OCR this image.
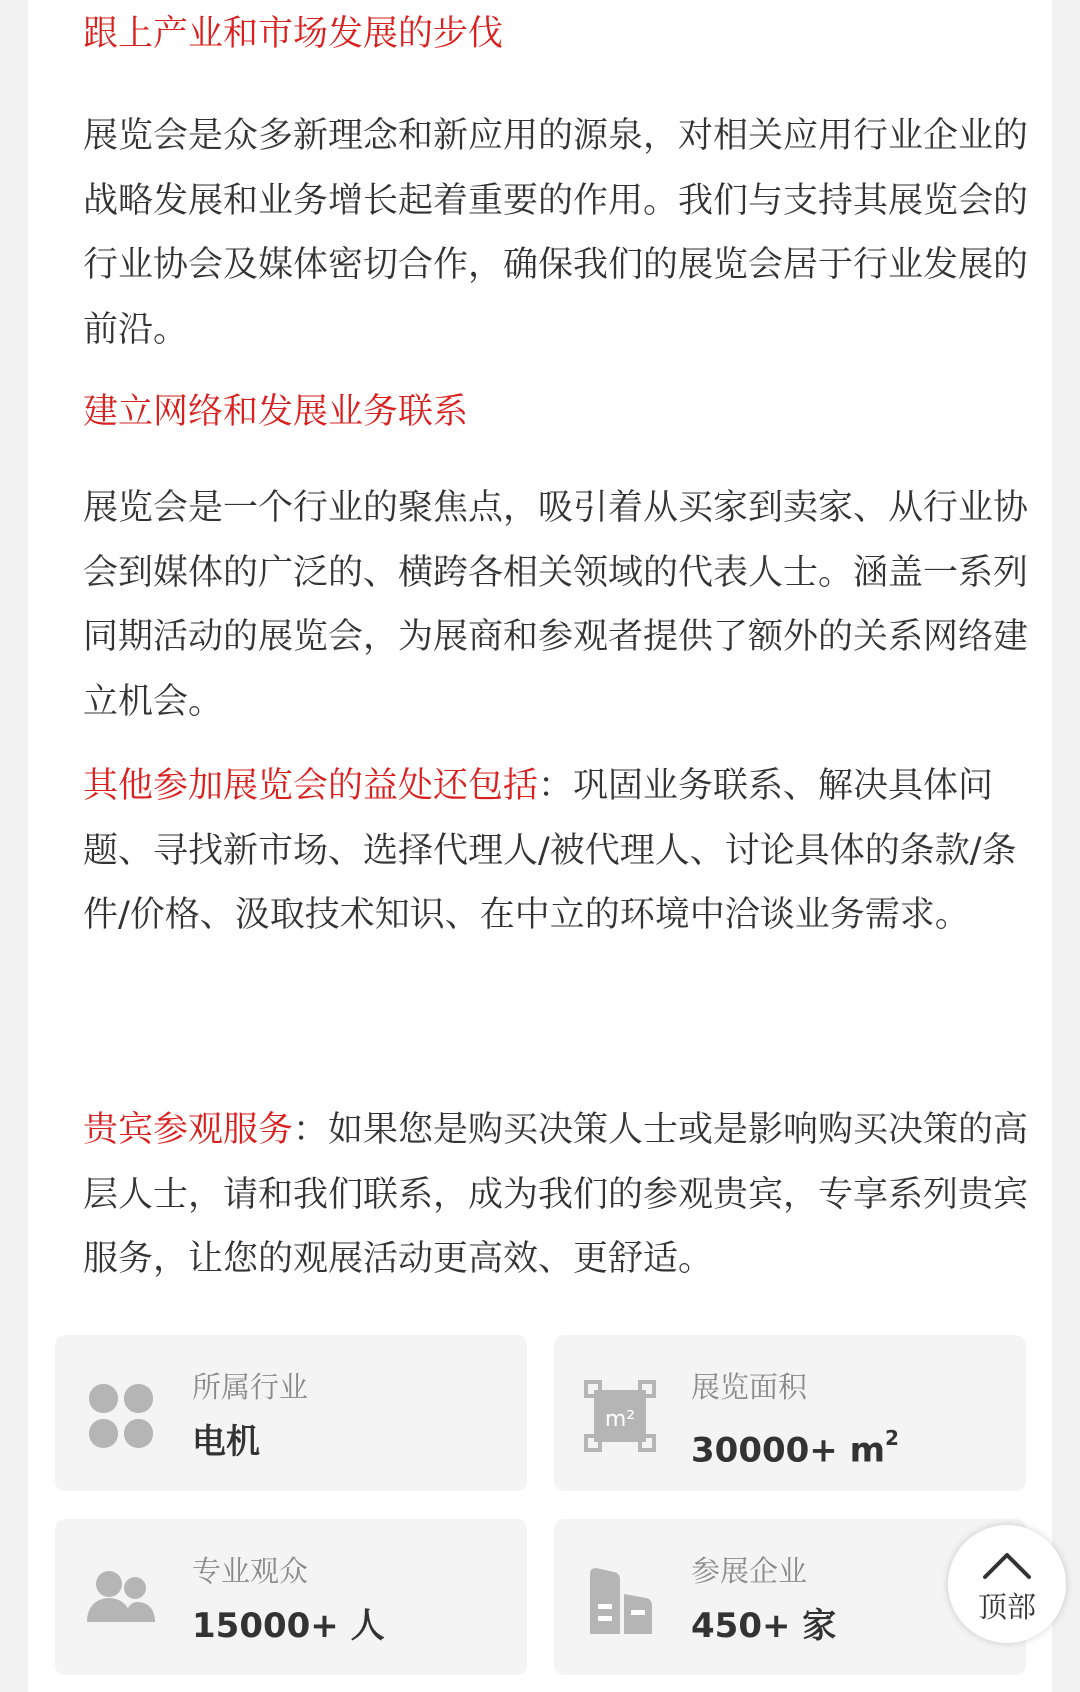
跟上产业和市场发展的步伐

展览会是众多新理念和新应用的源泉，对相关应用行业企业的战略发展和业务增长起着重要的作用。我们与支持其展览会的行业协会及媒体密切合作，确保我们的展览会居于行业发展的前沿。

建立网络和发展业务联系

展览会是一个行业的聚焦点，吸引着从买家到卖家、从行业协会到媒体的广泛的、横跨各相关领域的代表人士。涵盖一系列同期活动的展览会，为展商和参观者提供了额外的关系网络建立机会。

其他参加展览会的益处还包括：巩固业务联系、解决具体问题、寻找新市场、选择代理人/被代理人、讨论具体的条款/条件/价格、汲取技术知识、在中立的环境中洽谈业务需求。

贵宾参观服务：如果您是购买决策人士或是影响购买决策的高层人士，请和我们联系，成为我们的参观贵宾，专享系列贵宾服务，让您的观展活动更高效、更舒适。

所属行业
电机
m²
展览面积
$30000+ m^2$
专业观众
15000+ 人
参展企业
450+ 家	顶部
